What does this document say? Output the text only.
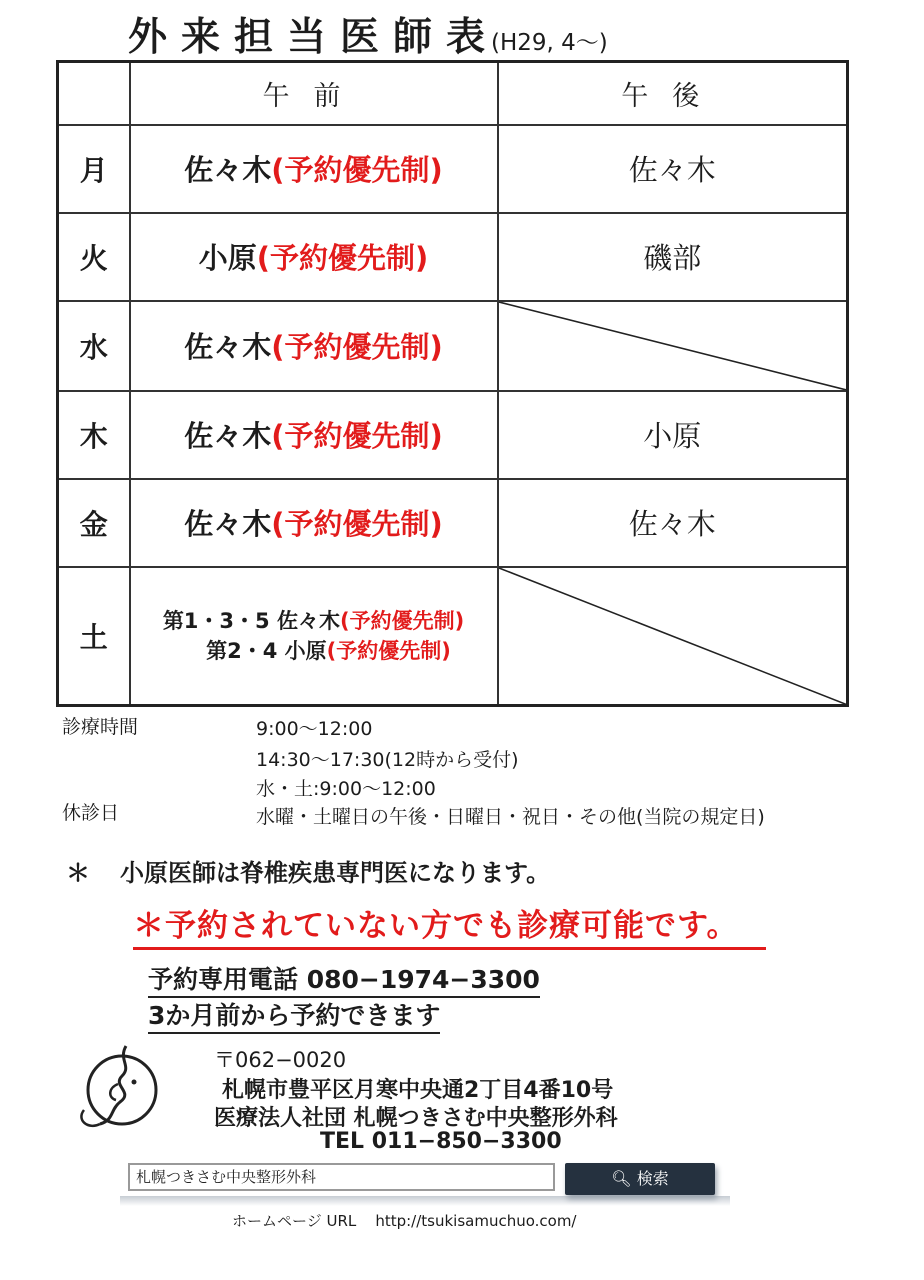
外来担当医師表(H29, 4〜)
	午前	午後
月	佐々木(予約優先制)	佐々木
火	小原(予約優先制)	磯部
水	佐々木(予約優先制)	

木	佐々木(予約優先制)	小原
金	佐々木(予約優先制)	佐々木
土	第1・3・5 佐々木(予約優先制)
第2・4 小原(予約優先制)

診療時間	9:00〜12:00
14:30〜17:30(12時から受付)
水・土:9:00〜12:00
休診日	水曜・土曜日の午後・日曜日・祝日・その他(当院の規定日)
＊ 小原医師は脊椎疾患専門医になります。
＊予約されていない方でも診療可能です。
予約専用電話 080−1974−3300
3か月前から予約できます
〒062−0020
札幌市豊平区月寒中央通2丁目4番10号
医療法人社団 札幌つきさむ中央整形外科
TEL 011−850−3300
札幌つきさむ中央整形外科	🔍︎ 検索
ホームページ URL http://tsukisamuchuo.com/
